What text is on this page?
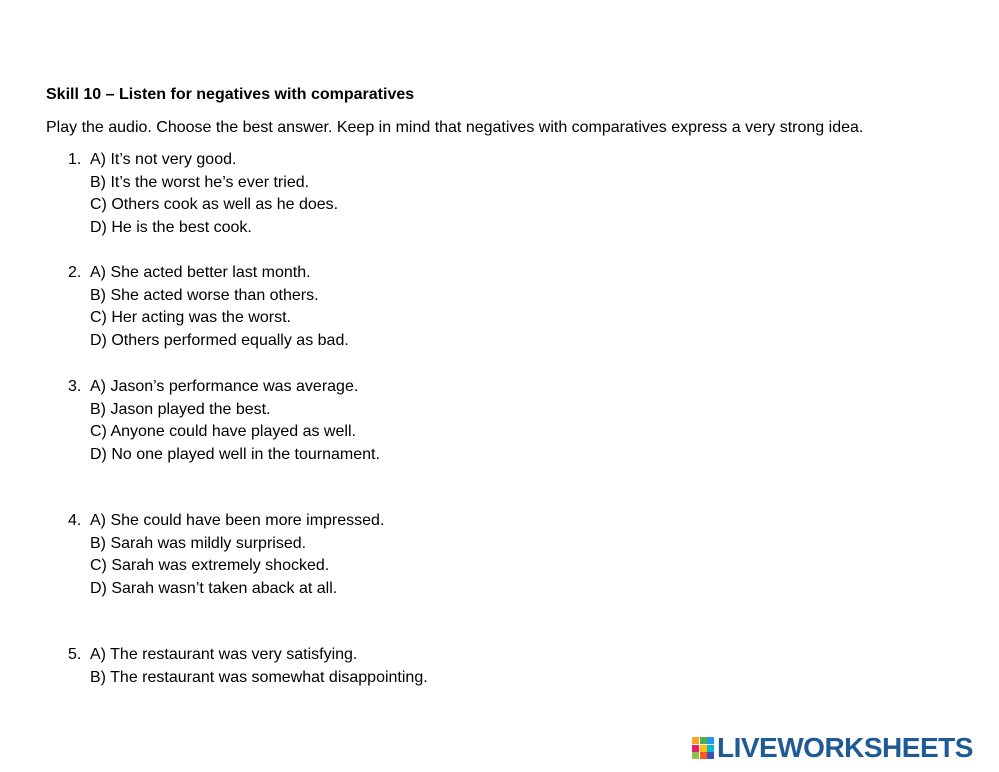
Skill 10 – Listen for negatives with comparatives
Play the audio. Choose the best answer. Keep in mind that negatives with comparatives express a very strong idea.
1. A) It’s not very good.
B) It’s the worst he’s ever tried.
C) Others cook as well as he does.
D) He is the best cook.
2. A) She acted better last month.
B) She acted worse than others.
C) Her acting was the worst.
D) Others performed equally as bad.
3. A) Jason’s performance was average.
B) Jason played the best.
C) Anyone could have played as well.
D) No one played well in the tournament.
4. A) She could have been more impressed.
B) Sarah was mildly surprised.
C) Sarah was extremely shocked.
D) Sarah wasn’t taken aback at all.
5. A) The restaurant was very satisfying.
B) The restaurant was somewhat disappointing.
LIVEWORKSHEETS
